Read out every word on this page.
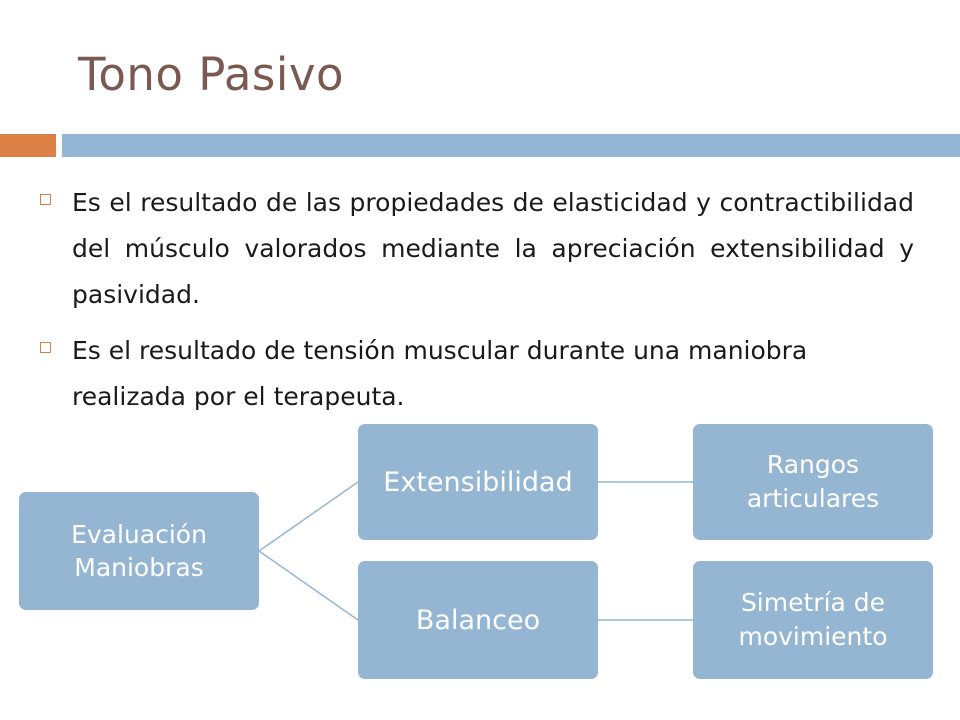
Tono Pasivo
Es el resultado de las propiedades de elasticidad y contractibilidad del músculo valorados mediante la apreciación extensibilidad y pasividad.
Es el resultado de tensión muscular durante una maniobra realizada por el terapeuta.
Evaluación
Maniobras
Extensibilidad
Balanceo
Rangos
articulares
Simetría de
movimiento
